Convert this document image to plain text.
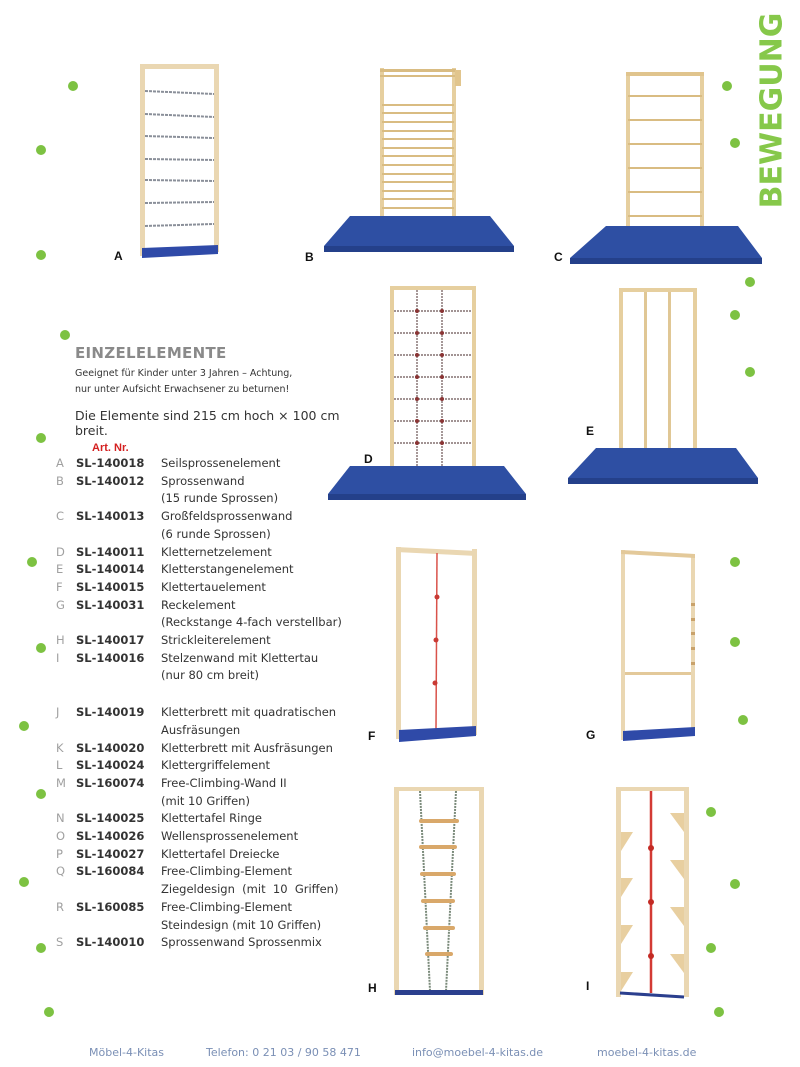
BEWEGUNG
A	B	C
D
E
F	G
H	I
EINZELELEMENTE
Geeignet für Kinder unter 3 Jahren – Achtung,
nur unter Aufsicht Erwachsener zu beturnen!
Die Elemente sind 215 cm hoch × 100 cm breit.
Art. Nr.
A	SL-140018	Seilsprossenelement
B	SL-140012	Sprossenwand
(15 runde Sprossen)
C	SL-140013	Großfeldsprossenwand
(6 runde Sprossen)
D SL-140011	Kletternetzelement
E	SL-140014	Kletterstangenelement
F	SL-140015	Klettertauelement
G SL-140031	Reckelement
(Reckstange 4-fach verstellbar)
H SL-140017	Strickleiterelement
I	SL-140016	Stelzenwand mit Klettertau
(nur 80 cm breit)
J	SL-140019	Kletterbrett mit quadratischen
Ausfräsungen
K	SL-140020	Kletterbrett mit Ausfräsungen
L	SL-140024	Klettergriffelement
M SL-160074	Free-Climbing-Wand II
(mit 10 Griffen)
N SL-140025	Klettertafel Ringe
O SL-140026	Wellensprossenelement
P	SL-140027	Klettertafel Dreiecke
Q SL-160084	Free-Climbing-Element
Ziegeldesign  (mit  10  Griffen)
R	SL-160085	Free-Climbing-Element
Steindesign (mit 10 Griffen)
S	SL-140010	Sprossenwand Sprossenmix
Möbel-4-Kitas	Telefon: 0 21 03 / 90 58 471	info@moebel-4-kitas.de	moebel-4-kitas.de
